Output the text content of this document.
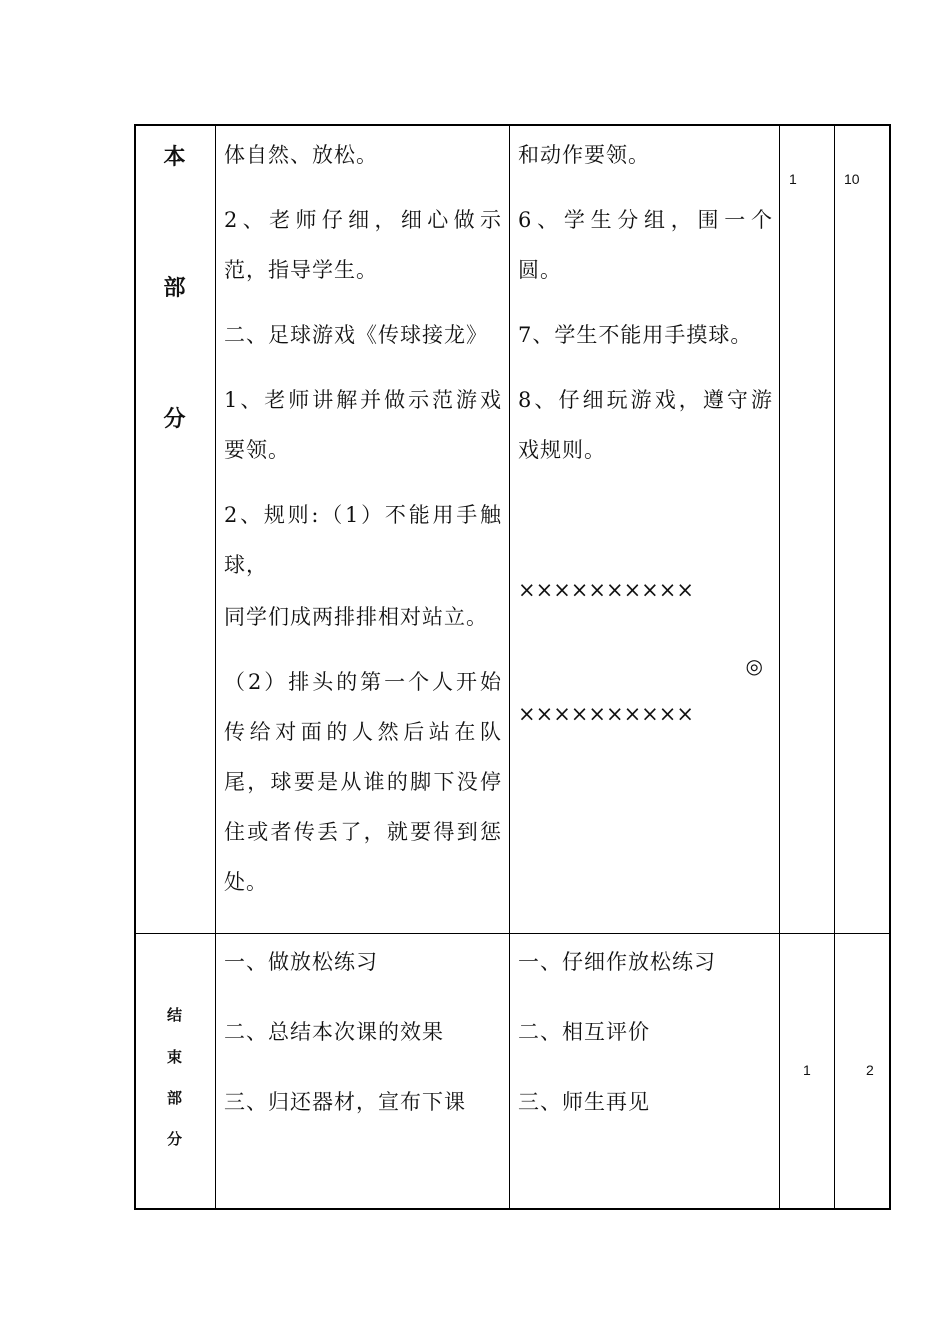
本
部
分

体自然、放松。

2、老师仔细，细心做示范，指导学生。

二、足球游戏《传球接龙》

1、老师讲解并做示范游戏要领。

2、规则:（1）不能用手触球，

同学们成两排排相对站立。

（2）排头的第一个人开始传给对面的人然后站在队尾，球要是从谁的脚下没停住或者传丢了，就要得到惩处。

和动作要领。

6、学生分组，围一个圆。

7、学生不能用手摸球。

8、仔细玩游戏，遵守游戏规则。

××××××××××
◎
××××××××××
1	10
结
束
部
分

一、做放松练习

二、总结本次课的效果

三、归还器材，宣布下课

一、仔细作放松练习

二、相互评价

三、师生再见

1	2
